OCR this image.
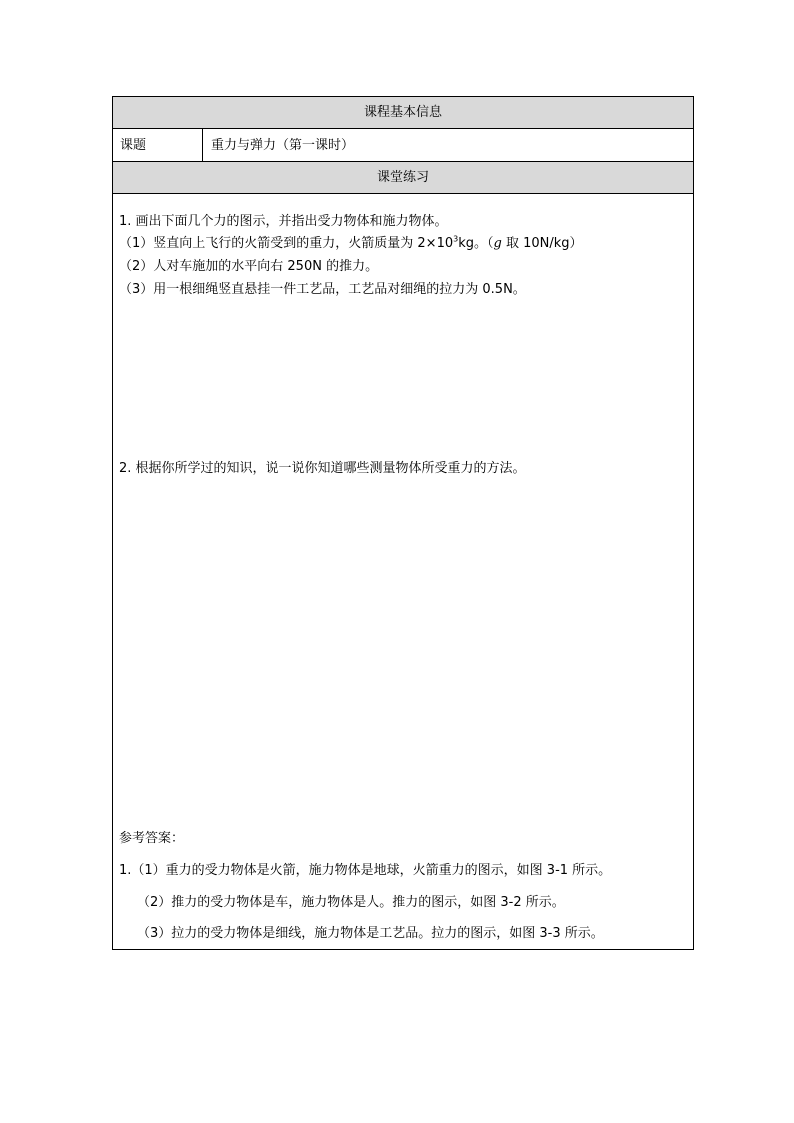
课程基本信息
课题	重力与弹力（第一课时）
课堂练习
1. 画出下面几个力的图示，并指出受力物体和施力物体。
（1）竖直向上飞行的火箭受到的重力，火箭质量为 $2\times 10^3kg$。（g 取 10N/kg）
（2）人对车施加的水平向右 250N 的推力。
（3）用一根细绳竖直悬挂一件工艺品，工艺品对细绳的拉力为 0.5N。
2. 根据你所学过的知识，说一说你知道哪些测量物体所受重力的方法。
参考答案：
1.（1）重力的受力物体是火箭，施力物体是地球，火箭重力的图示，如图 3-1 所示。
（2）推力的受力物体是车，施力物体是人。推力的图示，如图 3-2 所示。
（3）拉力的受力物体是细线，施力物体是工艺品。拉力的图示，如图 3-3 所示。
